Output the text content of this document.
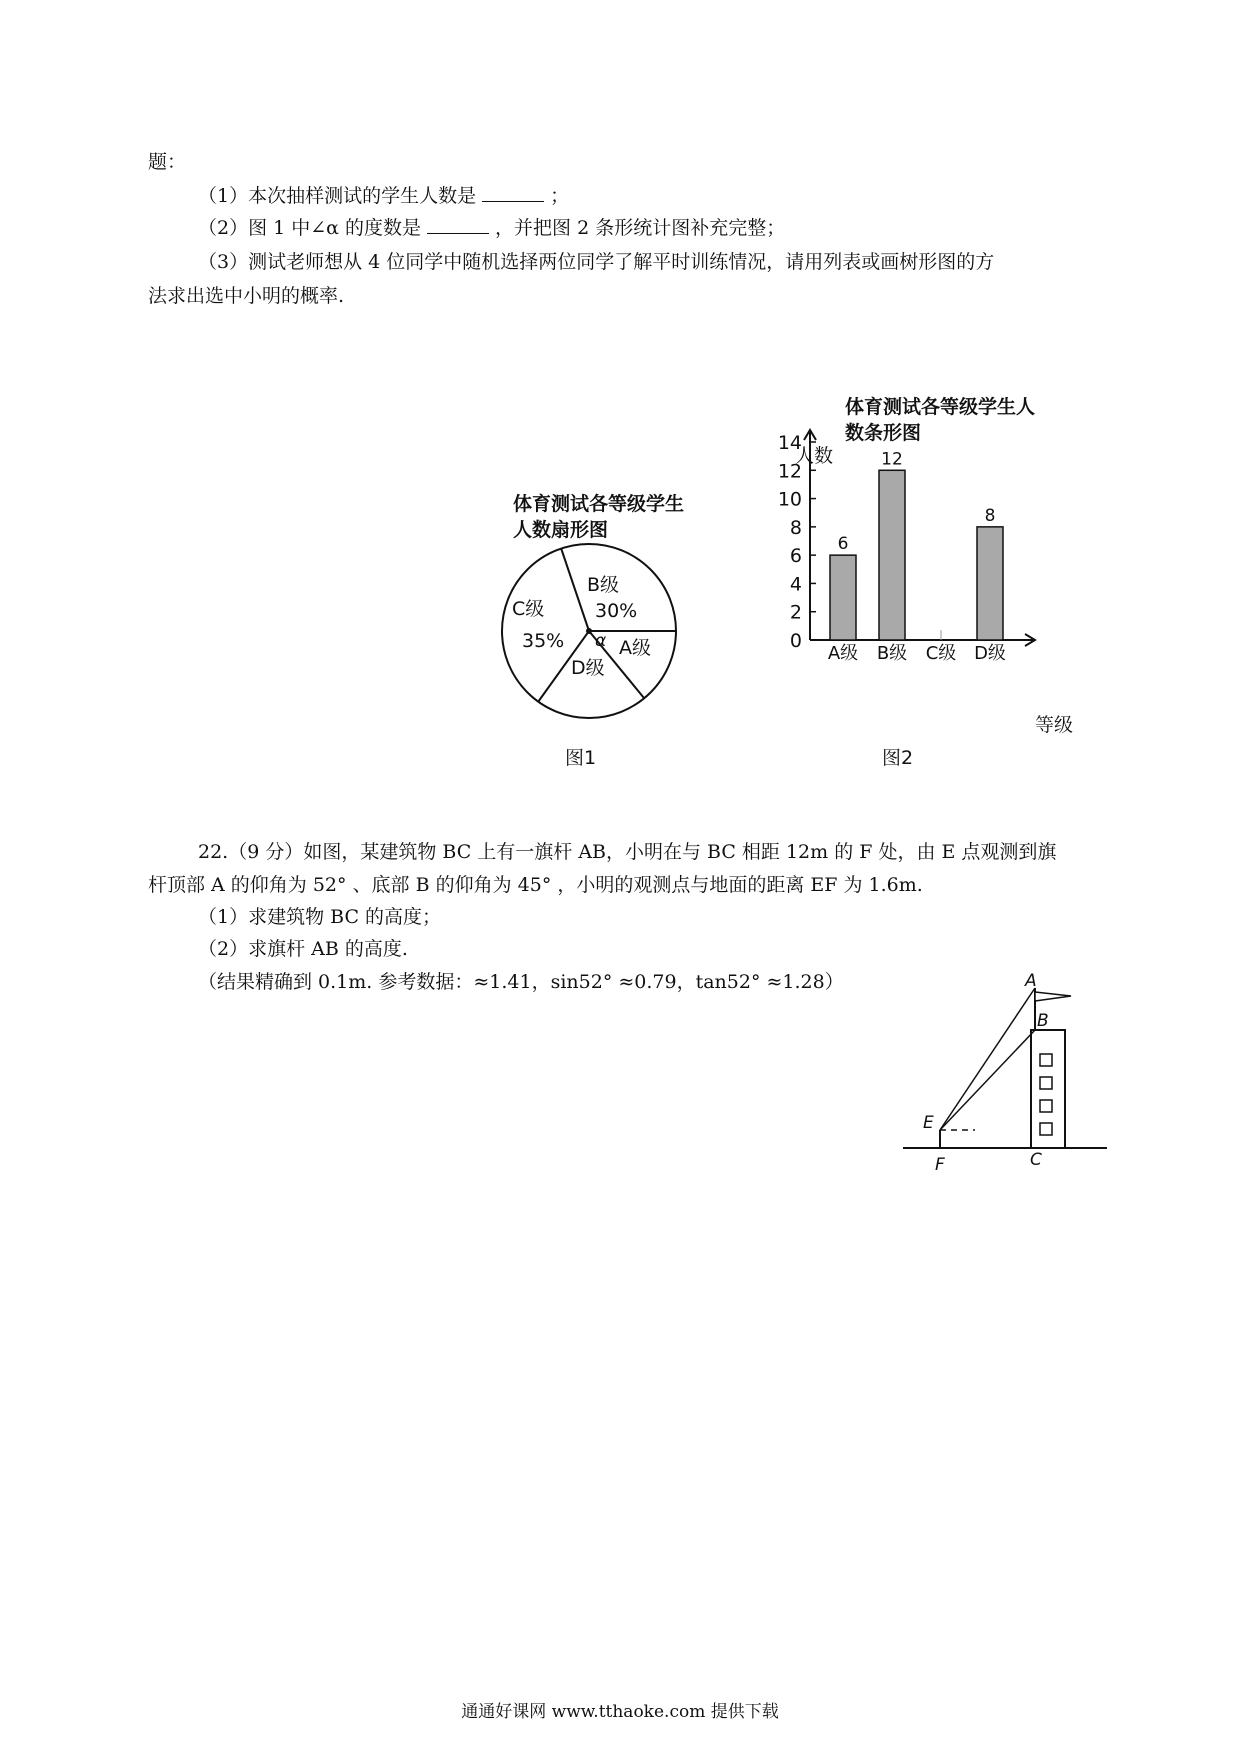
题：
（1）本次抽样测试的学生人数是	；
（2）图 1 中∠α 的度数是	，并把图 2 条形统计图补充完整；
（3）测试老师想从 4 位同学中随机选择两位同学了解平时训练情况，请用列表或画树形图的方
法求出选中小明的概率.
体育测试各等级学生
人数扇形图
B级
30%
C级
35%	A级
D级
α
图1
体育测试各等级学生人
数条形图
人数
等级
图2
0
2
4
6
8
10
12
14
6
A级
12
B级 C级
8
D级
22.（9 分）如图，某建筑物 BC 上有一旗杆 AB，小明在与 BC 相距 12m 的 F 处，由 E 点观测到旗
杆顶部 A 的仰角为 52° 、底部 B 的仰角为 45° ，小明的观测点与地面的距离 EF 为 1.6m.
（1）求建筑物 BC 的高度；
（2）求旗杆 AB 的高度.
（结果精确到 0.1m. 参考数据：≈1.41，sin52° ≈0.79，tan52° ≈1.28）	A
B
E
F	C
通通好课网 www.tthaoke.com 提供下载
